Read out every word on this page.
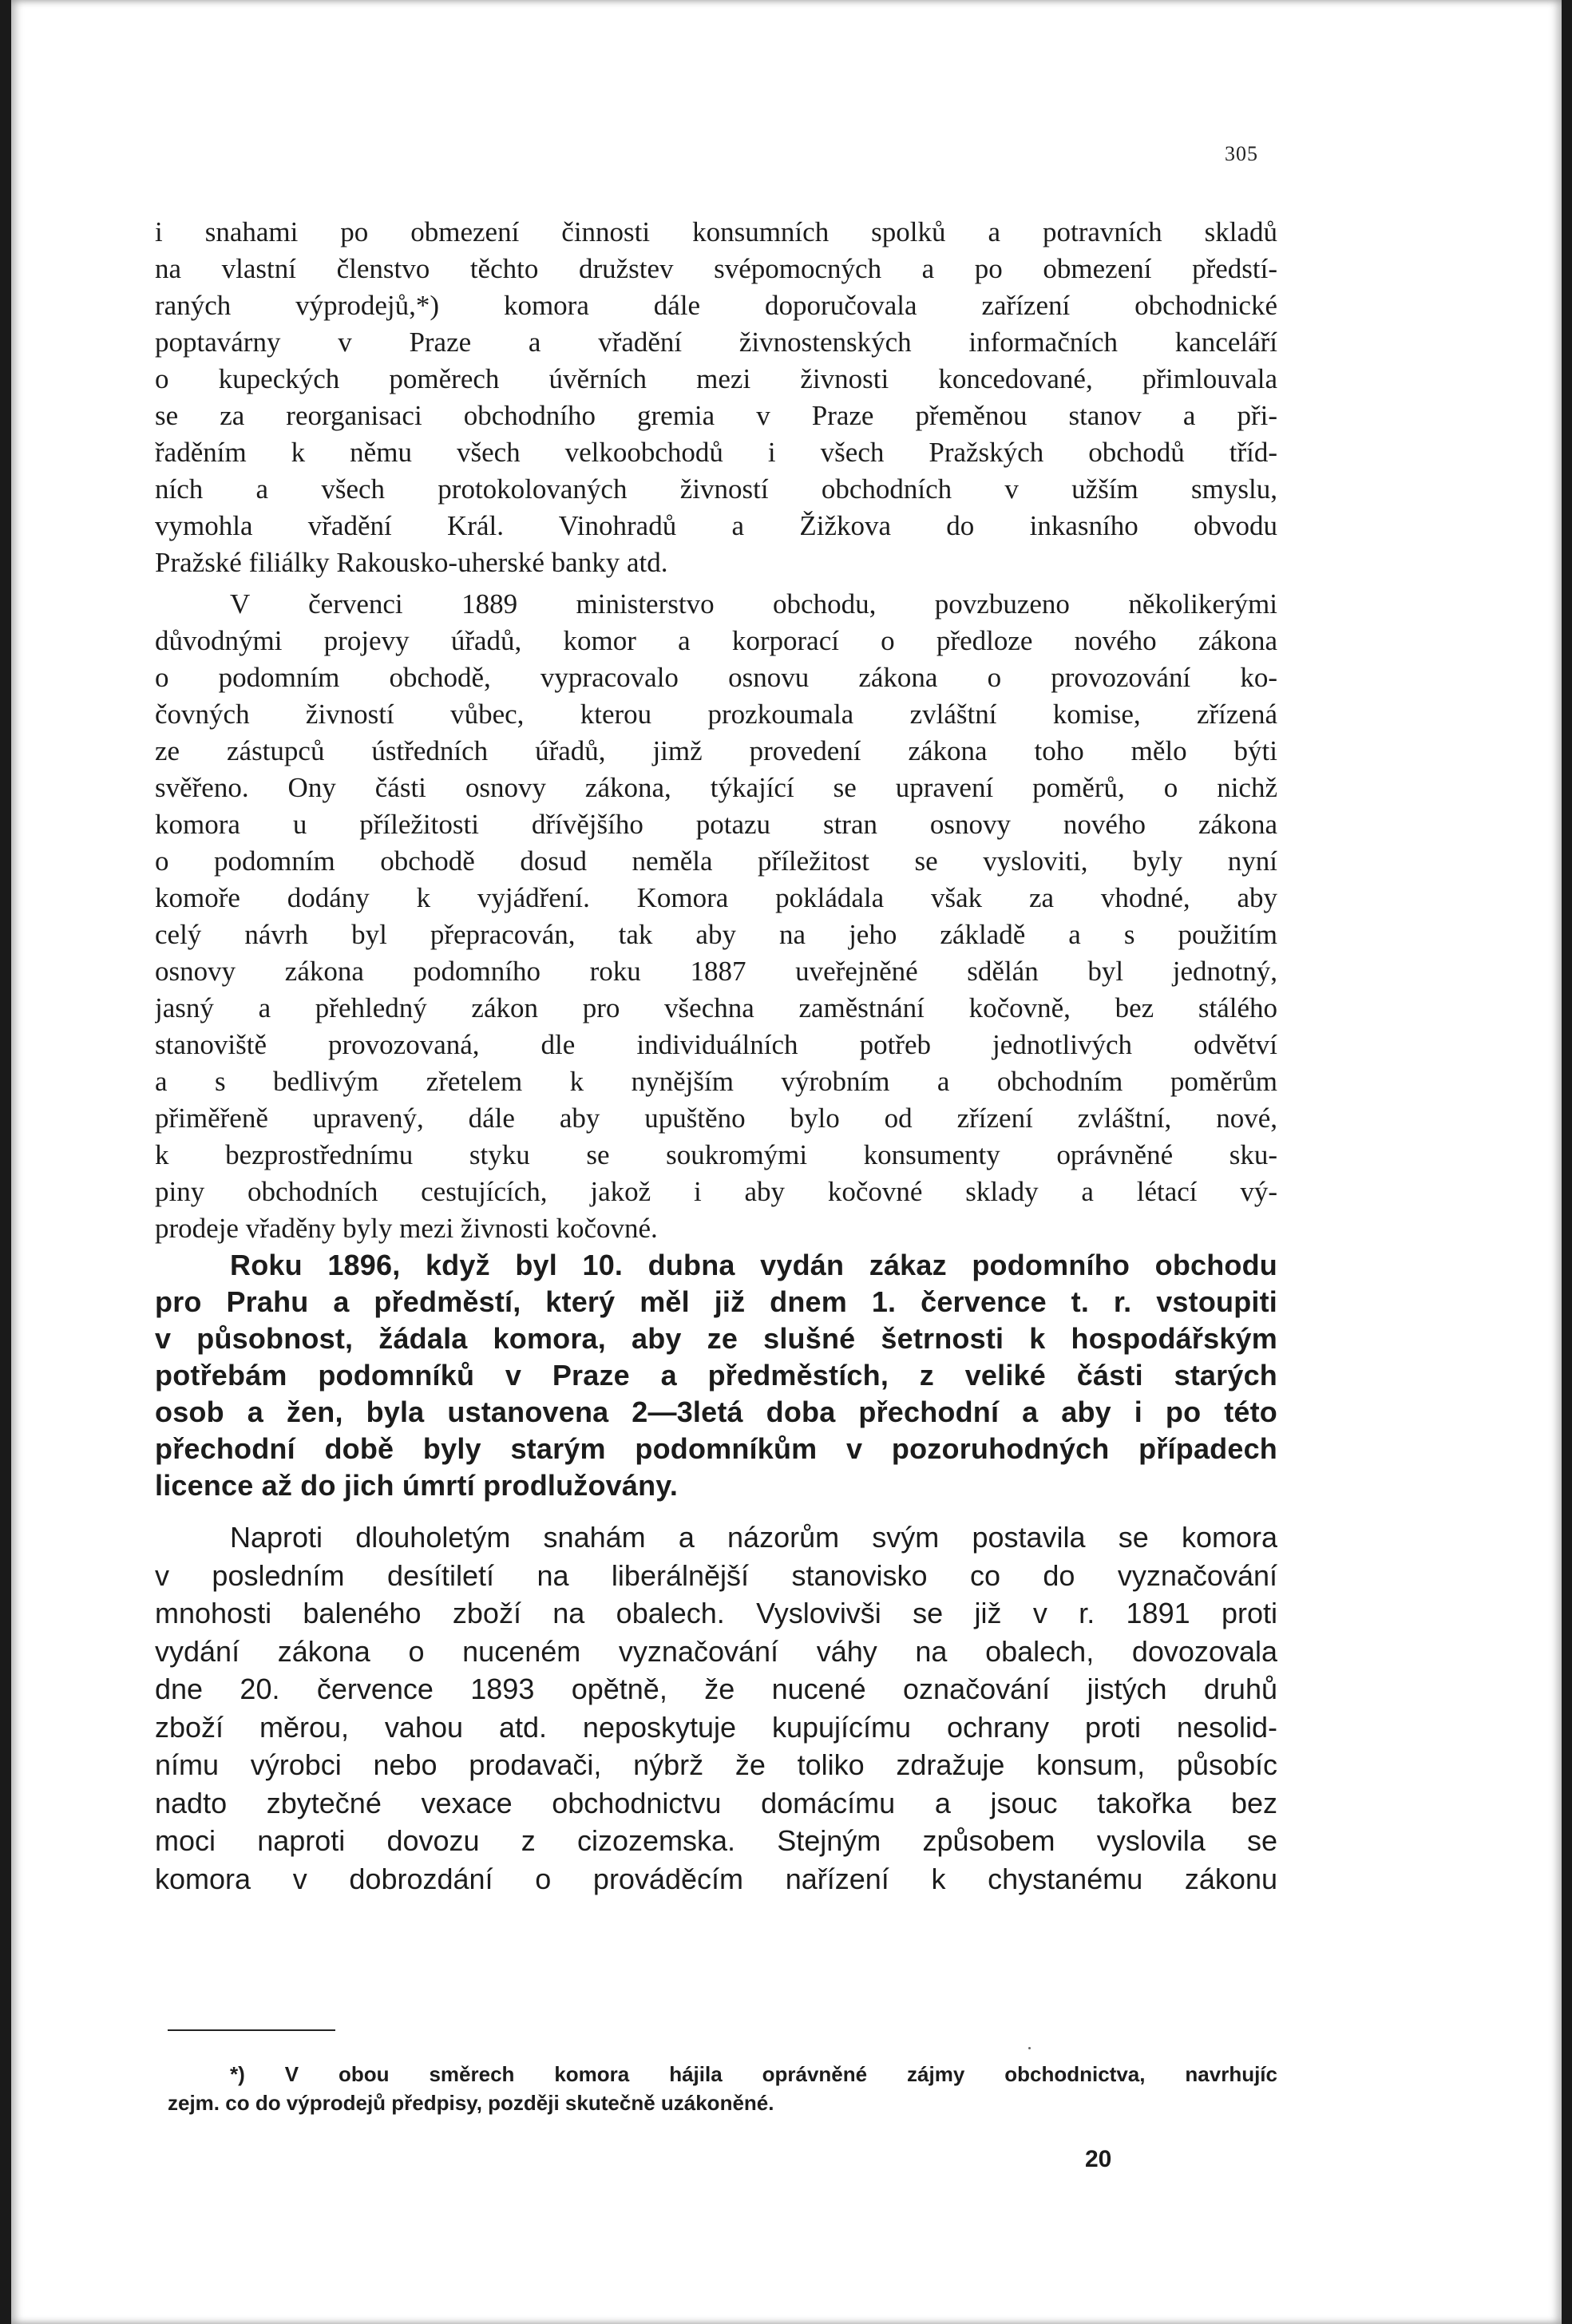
305
i snahami po obmezení činnosti konsumních spolků a potravních skladů
na vlastní členstvo těchto družstev svépomocných a po obmezení předstí-
raných výprodejů,*) komora dále doporučovala zařízení obchodnické
poptavárny v Praze a vřadění živnostenských informačních kanceláří
o kupeckých poměrech úvěrních mezi živnosti koncedované, přimlouvala
se za reorganisaci obchodního gremia v Praze přeměnou stanov a při-
řaděním k němu všech velkoobchodů i všech Pražských obchodů tříd-
ních a všech protokolovaných živností obchodních v užším smyslu,
vymohla vřadění Král. Vinohradů a Žižkova do inkasního obvodu
Pražské filiálky Rakousko-uherské banky atd.
V červenci 1889 ministerstvo obchodu, povzbuzeno několikerými
důvodnými projevy úřadů, komor a korporací o předloze nového zákona
o podomním obchodě, vypracovalo osnovu zákona o provozování ko-
čovných živností vůbec, kterou prozkoumala zvláštní komise, zřízená
ze zástupců ústředních úřadů, jimž provedení zákona toho mělo býti
svěřeno. Ony části osnovy zákona, týkající se upravení poměrů, o nichž
komora u příležitosti dřívějšího potazu stran osnovy nového zákona
o podomním obchodě dosud neměla příležitost se vysloviti, byly nyní
komoře dodány k vyjádření. Komora pokládala však za vhodné, aby
celý návrh byl přepracován, tak aby na jeho základě a s použitím
osnovy zákona podomního roku 1887 uveřejněné sdělán byl jednotný,
jasný a přehledný zákon pro všechna zaměstnání kočovně, bez stálého
stanoviště provozovaná, dle individuálních potřeb jednotlivých odvětví
a s bedlivým zřetelem k nynějším výrobním a obchodním poměrům
přiměřeně upravený, dále aby upuštěno bylo od zřízení zvláštní, nové,
k bezprostřednímu styku se soukromými konsumenty oprávněné sku-
piny obchodních cestujících, jakož i aby kočovné sklady a létací vý-
prodeje vřaděny byly mezi živnosti kočovné.
Roku 1896, když byl 10. dubna vydán zákaz podomního obchodu
pro Prahu a předměstí, který měl již dnem 1. července t. r. vstoupiti
v působnost, žádala komora, aby ze slušné šetrnosti k hospodářským
potřebám podomníků v Praze a předměstích, z veliké části starých
osob a žen, byla ustanovena 2—3letá doba přechodní a aby i po této
přechodní době byly starým podomníkům v pozoruhodných případech
licence až do jich úmrtí prodlužovány.
Naproti dlouholetým snahám a názorům svým postavila se komora
v posledním desítiletí na liberálnější stanovisko co do vyznačování
mnohosti baleného zboží na obalech. Vyslovivši se již v r. 1891 proti
vydání zákona o nuceném vyznačování váhy na obalech, dovozovala
dne 20. července 1893 opětně, že nucené označování jistých druhů
zboží měrou, vahou atd. neposkytuje kupujícímu ochrany proti nesolid-
nímu výrobci nebo prodavači, nýbrž že toliko zdražuje konsum, působíc
nadto zbytečné vexace obchodnictvu domácímu a jsouc takořka bez
moci naproti dovozu z cizozemska. Stejným způsobem vyslovila se
komora v dobrozdání o prováděcím nařízení k chystanému zákonu
*) V obou směrech komora hájila oprávněné zájmy obchodnictva, navrhujíc
zejm. co do výprodejů předpisy, později skutečně uzákoněné.
20
